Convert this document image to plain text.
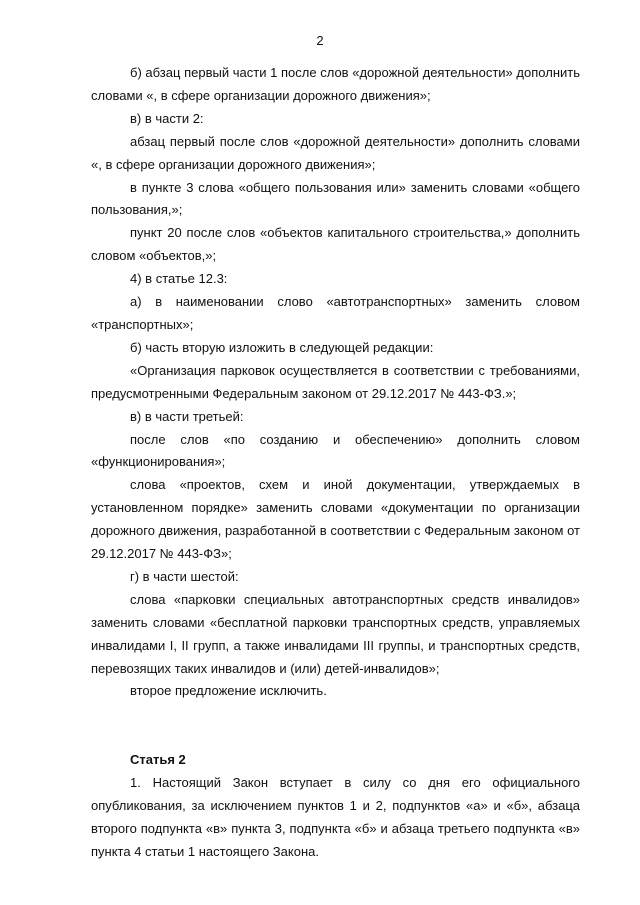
2

б) абзац первый части 1 после слов «дорожной деятельности» дополнить словами «, в сфере организации дорожного движения»;

в) в части 2:

абзац первый после слов «дорожной деятельности» дополнить словами «, в сфере организации дорожного движения»;

в пункте 3 слова «общего пользования или» заменить словами «общего пользования,»;

пункт 20 после слов «объектов капитального строительства,» дополнить словом «объектов,»;

4) в статье 12.3:

а) в наименовании слово «автотранспортных» заменить словом «транспортных»;

б) часть вторую изложить в следующей редакции:

«Организация парковок осуществляется в соответствии с требованиями, предусмотренными Федеральным законом от 29.12.2017 № 443-ФЗ.»;

в) в части третьей:

после слов «по созданию и обеспечению» дополнить словом «функционирования»;

слова «проектов, схем и иной документации, утверждаемых в установленном порядке» заменить словами «документации по организации дорожного движения, разработанной в соответствии с Федеральным законом от 29.12.2017 № 443-ФЗ»;

г) в части шестой:

слова «парковки специальных автотранспортных средств инвалидов» заменить словами «бесплатной парковки транспортных средств, управляемых инвалидами I, II групп, а также инвалидами III группы, и транспортных средств, перевозящих таких инвалидов и (или) детей-инвалидов»;

второе предложение исключить.

Статья 2

1. Настоящий Закон вступает в силу со дня его официального опубликования, за исключением пунктов 1 и 2, подпунктов «а» и «б», абзаца второго подпункта «в» пункта 3, подпункта «б» и абзаца третьего подпункта «в» пункта 4 статьи 1 настоящего Закона.
